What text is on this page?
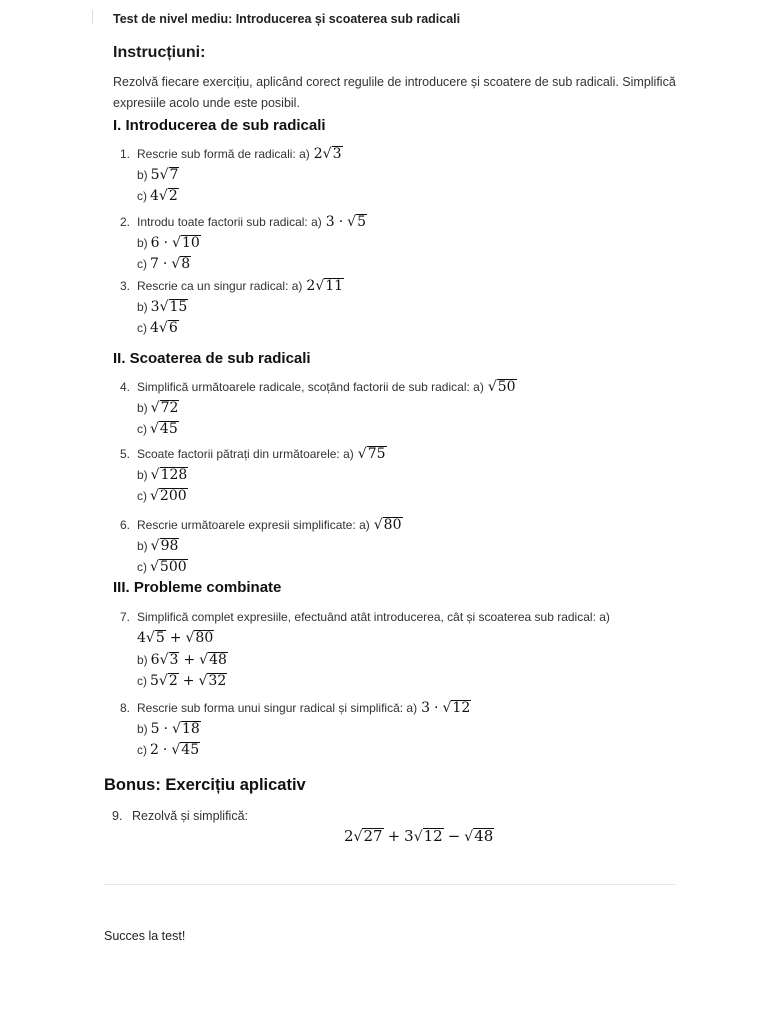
Test de nivel mediu: Introducerea și scoaterea sub radicali
Instrucțiuni:
Rezolvă fiecare exercițiu, aplicând corect regulile de introducere și scoatere de sub radicali. Simplifică expresiile acolo unde este posibil.
I. Introducerea de sub radicali
1. Rescrie sub formă de radicali: a) 2 √ 3
b) 5 √ 7
c) 4 √ 2
2. Introdu toate factorii sub radical: a) 3 · √ 5
b) 6 · √ 10
c) 7 · √ 8
3. Rescrie ca un singur radical: a) 2 √ 11
b) 3 √ 15
c) 4 √ 6
II. Scoaterea de sub radicali
4. Simplifică următoarele radicale, scoțând factorii de sub radical: a) √ 50
b) √ 72
c) √ 45
5. Scoate factorii pătrați din următoarele: a) √ 75
b) √ 128
c) √ 200
6. Rescrie următoarele expresii simplificate: a) √ 80
b) √ 98
c) √ 500
III. Probleme combinate
7. Simplifică complet expresiile, efectuând atât introducerea, cât și scoaterea sub radical: a)
4 √ 5 + √ 80
b) 6 √ 3 + √ 48
c) 5 √ 2 + √ 32
8. Rescrie sub forma unui singur radical și simplifică: a) 3 · √ 12
b) 5 · √ 18
c) 2 · √ 45
Bonus: Exercițiu aplicativ
9. Rezolvă și simplifică:
2 √ 27 + 3 √ 12 − √ 48
Succes la test!
